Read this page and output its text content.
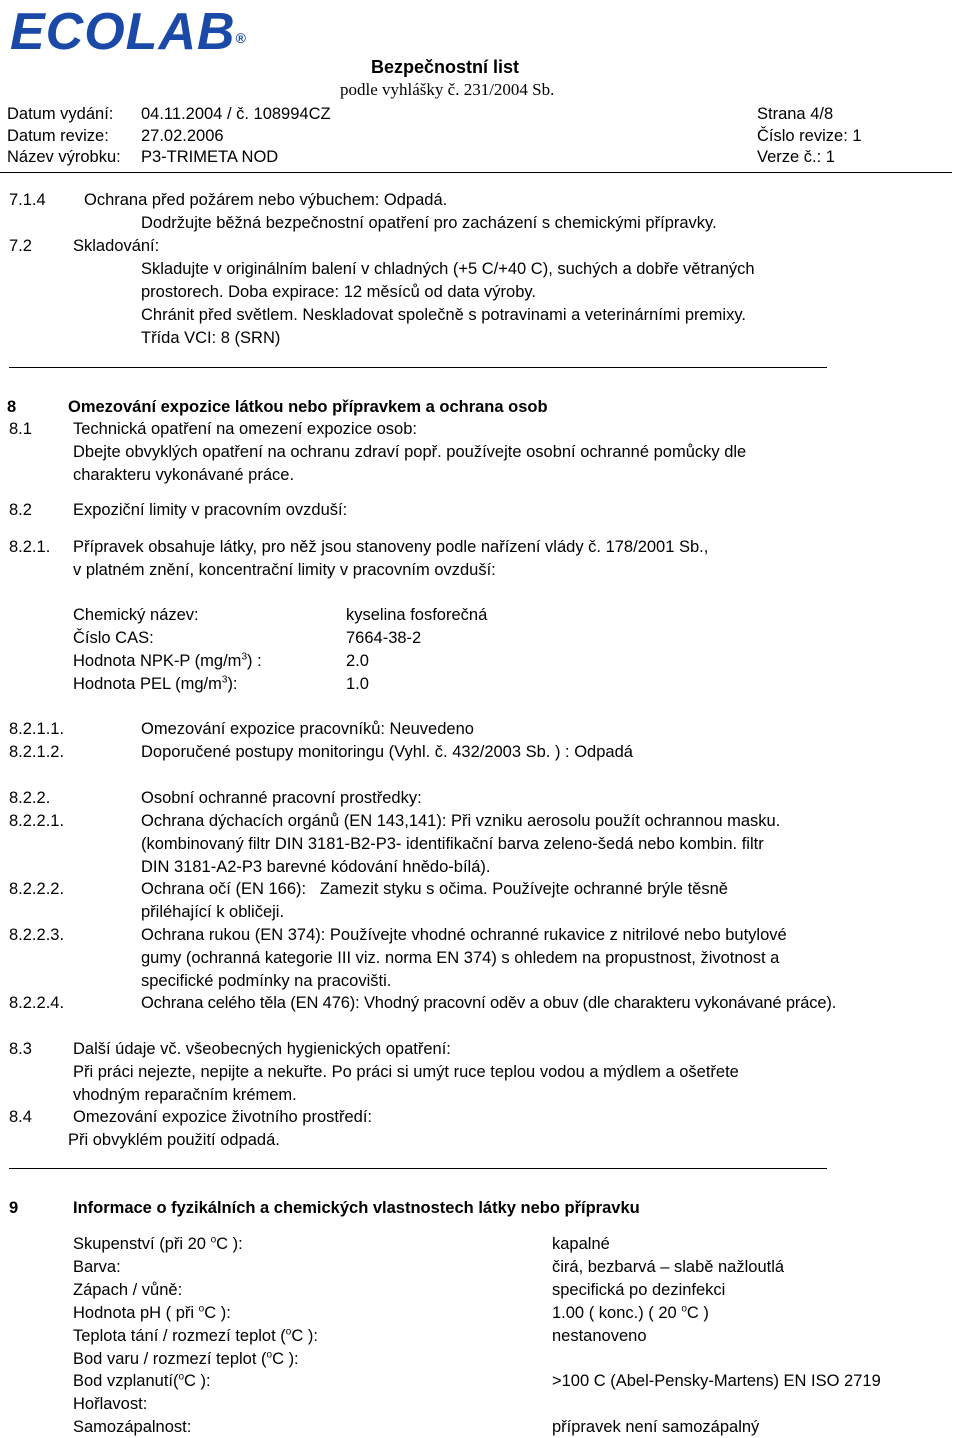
ECOLAB®
Bezpečnostní list
podle vyhlášky č. 231/2004 Sb.
Datum vydání: 04.11.2004 / č. 108994CZ	Strana 4/8
Datum revize: 27.02.2006	Číslo revize: 1
Název výrobku: P3-TRIMETA NOD	Verze č.: 1
7.1.4 Ochrana před požárem nebo výbuchem: Odpadá.
Dodržujte běžná bezpečnostní opatření pro zacházení s chemickými přípravky.
7.2 Skladování:
Skladujte v originálním balení v chladných (+5 C/+40 C), suchých a dobře větraných
prostorech. Doba expirace: 12 měsíců od data výroby.
Chránit před světlem. Neskladovat společně s potravinami a veterinárními premixy.
Třída VCI: 8 (SRN)
8	Omezování expozice látkou nebo přípravkem a ochrana osob
8.1 Technická opatření na omezení expozice osob:
Dbejte obvyklých opatření na ochranu zdraví popř. používejte osobní ochranné pomůcky dle
charakteru vykonávané práce.
8.2 Expoziční limity v pracovním ovzduší:
8.2.1. Přípravek obsahuje látky, pro něž jsou stanoveny podle nařízení vlády č. 178/2001 Sb.,
v platném znění, koncentrační limity v pracovním ovzduší:
Chemický název:	kyselina fosforečná
Číslo CAS:	7664-38-2
Hodnota NPK-P $(mg/m^3)$ :	2.0
Hodnota PEL $(mg/m^3)$:	1.0
8.2.1.1.	Omezování expozice pracovníků: Neuvedeno
8.2.1.2.	Doporučené postupy monitoringu (Vyhl. č. 432/2003 Sb. ) : Odpadá
8.2.2.	Osobní ochranné pracovní prostředky:
8.2.2.1.	Ochrana dýchacích orgánů (EN 143,141): Při vzniku aerosolu použít ochrannou masku.
(kombinovaný filtr DIN 3181-B2-P3- identifikační barva zeleno-šedá nebo kombin. filtr
DIN 3181-A2-P3 barevné kódování hnědo-bílá).
8.2.2.2.	Ochrana očí (EN 166):   Zamezit styku s očima. Používejte ochranné brýle těsně
přiléhající k obličeji.
8.2.2.3.	Ochrana rukou (EN 374): Používejte vhodné ochranné rukavice z nitrilové nebo butylové
gumy (ochranná kategorie III viz. norma EN 374) s ohledem na propustnost, životnost a
specifické podmínky na pracovišti.
8.2.2.4.	Ochrana celého těla (EN 476): Vhodný pracovní oděv a obuv (dle charakteru vykonávané práce).
8.3 Další údaje vč. všeobecných hygienických opatření:
Při práci nejezte, nepijte a nekuřte. Po práci si umýt ruce teplou vodou a mýdlem a ošetřete
vhodným reparačním krémem.
8.4 Omezování expozice životního prostředí:
Při obvyklém použití odpadá.
9	Informace o fyzikálních a chemických vlastnostech látky nebo přípravku
Skupenství (při 20 $^o$C ):	kapalné
Barva:	čirá, bezbarvá – slabě nažloutlá
Zápach / vůně:	specifická po dezinfekci
Hodnota pH ( při $^o$C ):	1.00 ( konc.) ( 20 $^o$C )
Teplota tání / rozmezí teplot ($^o$C ):	nestanoveno
Bod varu / rozmezí teplot ($^o$C ):
Bod vzplanutí($^o$C ):	>100 C (Abel-Pensky-Martens) EN ISO 2719
Hořlavost:
Samozápalnost:	přípravek není samozápalný
